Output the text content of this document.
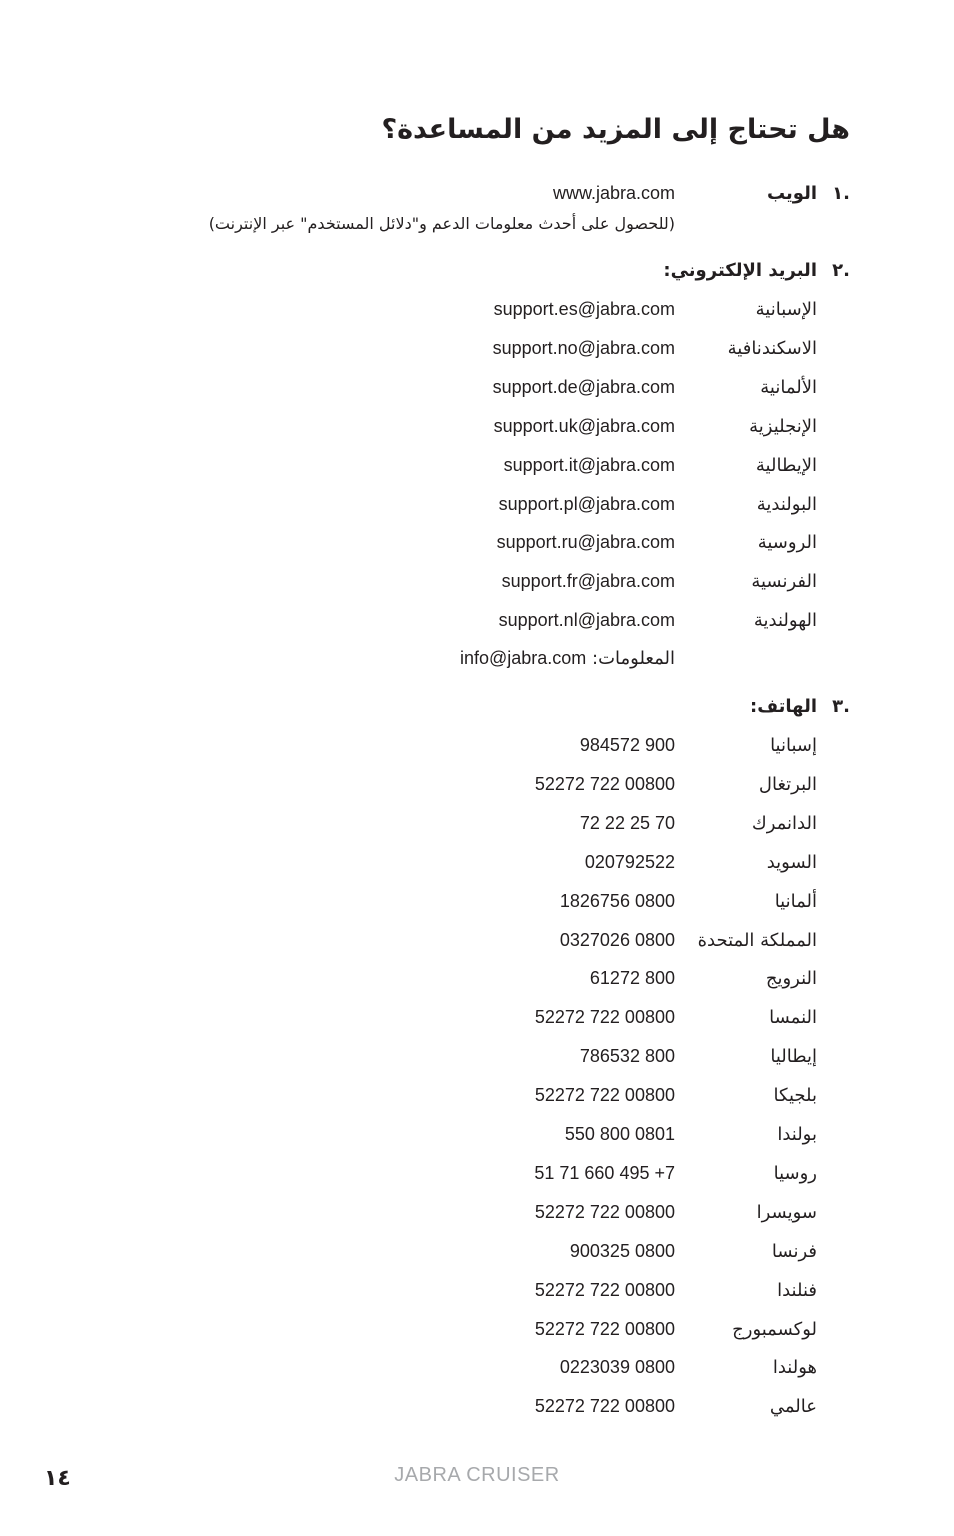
هل تحتاج إلى المزيد من المساعدة؟
.١
الويب
www.jabra.com
(للحصول على أحدث معلومات الدعم و"دلائل المستخدم" عبر الإنترنت)
.٢
البريد الإلكتروني:
الإسبانية
support.es@jabra.com
الاسكندنافية
support.no@jabra.com
الألمانية
support.de@jabra.com
الإنجليزية
support.uk@jabra.com
الإيطالية
support.it@jabra.com
البولندية
support.pl@jabra.com
الروسية
support.ru@jabra.com
الفرنسية
support.fr@jabra.com
الهولندية
support.nl@jabra.com
info@jabra.com المعلومات:
.٣
الهاتف:
إسبانيا
984572 900
البرتغال
52272 722 00800
الدانمرك
72 22 25 70
السويد
020792522
ألمانيا
1826756 0800
المملكة المتحدة
0327026 0800
النرويج
61272 800
النمسا
52272 722 00800
إيطاليا
786532 800
بلجيكا
52272 722 00800
بولندا
550 800 0801
روسيا
51 71 660 495 +7
سويسرا
52272 722 00800
فرنسا
900325 0800
فنلندا
52272 722 00800
لوكسمبورج
52272 722 00800
هولندا
0223039 0800
عالمي
52272 722 00800
JABRA CRUISER
١٤
